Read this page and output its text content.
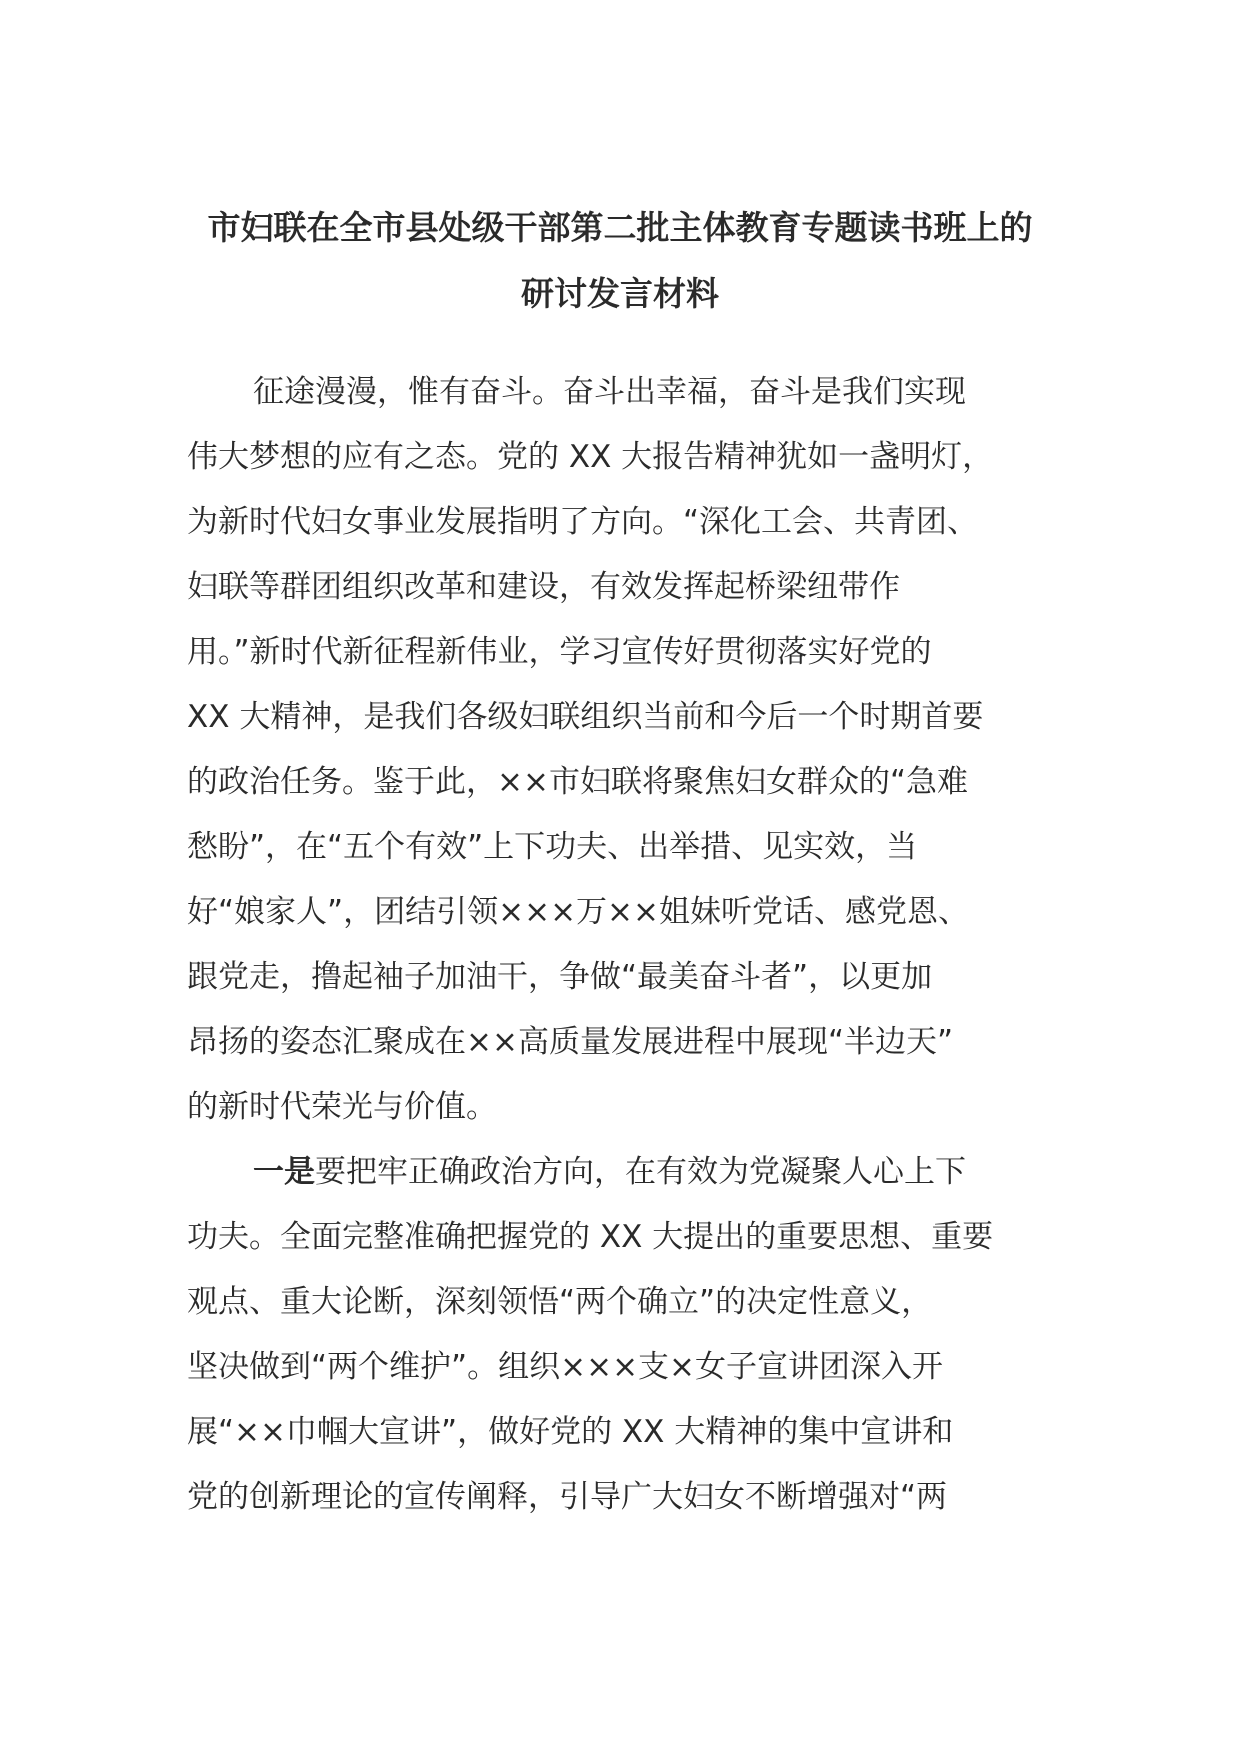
市妇联在全市县处级干部第二批主体教育专题读书班上的
研讨发言材料

征途漫漫，惟有奋斗。奋斗出幸福，奋斗是我们实现
伟大梦想的应有之态。党的 XX 大报告精神犹如一盏明灯，
为新时代妇女事业发展指明了方向。“深化工会、共青团、
妇联等群团组织改革和建设，有效发挥起桥梁纽带作
用。”新时代新征程新伟业，学习宣传好贯彻落实好党的
XX 大精神，是我们各级妇联组织当前和今后一个时期首要
的政治任务。鉴于此，××市妇联将聚焦妇女群众的“急难
愁盼”，在“五个有效”上下功夫、出举措、见实效，当
好“娘家人”，团结引领×××万××姐妹听党话、感党恩、
跟党走，撸起袖子加油干，争做“最美奋斗者”，以更加
昂扬的姿态汇聚成在××高质量发展进程中展现“半边天”
的新时代荣光与价值。

一是要把牢正确政治方向，在有效为党凝聚人心上下
功夫。全面完整准确把握党的 XX 大提出的重要思想、重要
观点、重大论断，深刻领悟“两个确立”的决定性意义，
坚决做到“两个维护”。组织×××支×女子宣讲团深入开
展“××巾帼大宣讲”，做好党的 XX 大精神的集中宣讲和
党的创新理论的宣传阐释，引导广大妇女不断增强对“两
